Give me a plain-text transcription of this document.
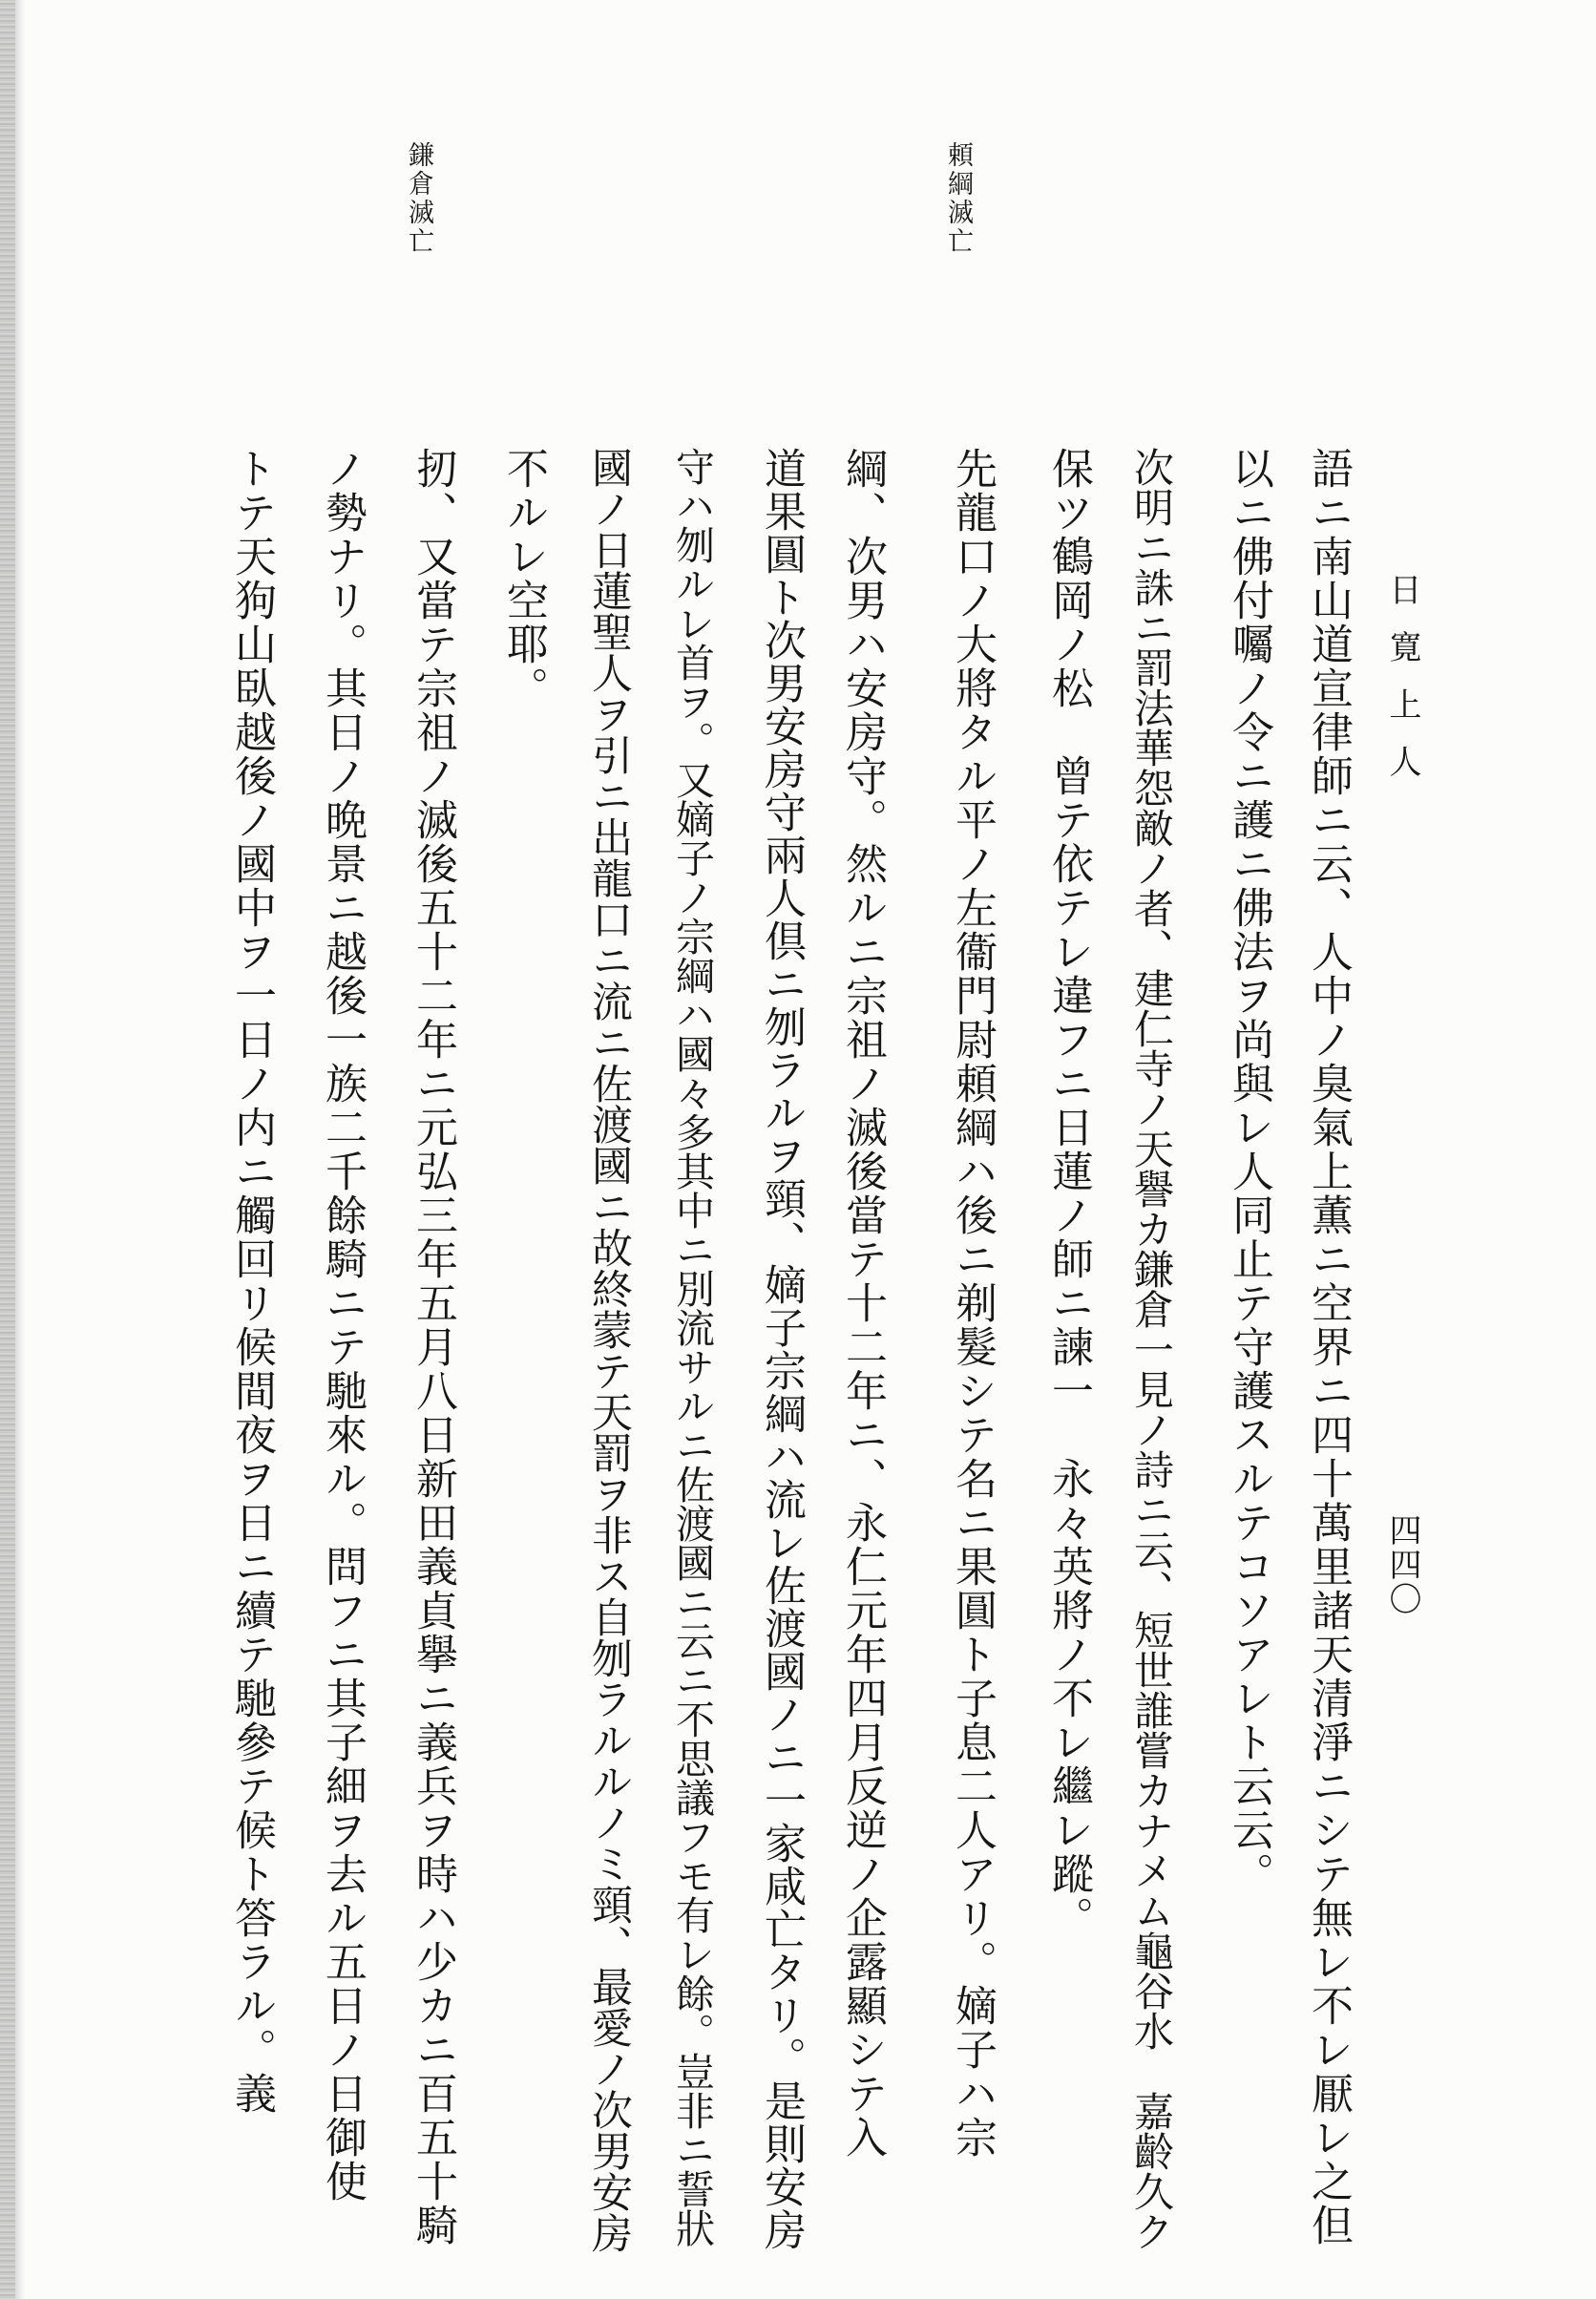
日寛上人
四四〇
頼綱滅亡
鎌倉滅亡
語ニ南山道宣律師ニ云、人中ノ臭氣上薫ニ空界ニ四十萬里諸天清淨ニシテ無レ不レ厭レ之但
以ニ佛付囑ノ令ニ護ニ佛法ヲ尚與レ人同止テ守護スルテコソアレト云云。
次明ニ誅ニ罰法華怨敵ノ者、建仁寺ノ天譽カ鎌倉一見ノ詩ニ云、短世誰嘗カナメム龜谷水　嘉齡久ク
保ツ鶴岡ノ松　曾テ依テレ違フニ日蓮ノ師ニ諫一　永々英將ノ不レ繼レ蹤。
先龍口ノ大將タル平ノ左衞門尉頼綱ハ後ニ剃髮シテ名ニ果圓ト子息二人アリ。嫡子ハ宗
綱、次男ハ安房守。然ルニ宗祖ノ滅後當テ十二年ニ、永仁元年四月反逆ノ企露顯シテ入
道果圓ト次男安房守兩人倶ニ刎ラルヲ頸、嫡子宗綱ハ流レ佐渡國ノニ一家咸亡タリ。是則安房
守ハ刎ルレ首ヲ。又嫡子ノ宗綱ハ國々多其中ニ別流サルニ佐渡國ニ云ニ不思議フモ有レ餘。豈非ニ誓狀
國ノ日蓮聖人ヲ引ニ出龍口ニ流ニ佐渡國ニ故終蒙テ天罰ヲ非ス自刎ラルルノミ頸、最愛ノ次男安房
不ルレ空耶。
扨、又當テ宗祖ノ滅後五十二年ニ元弘三年五月八日新田義貞擧ニ義兵ヲ時ハ少カニ百五十騎
ノ勢ナリ。其日ノ晩景ニ越後一族二千餘騎ニテ馳來ル。問フニ其子細ヲ去ル五日ノ日御使
トテ天狗山臥越後ノ國中ヲ一日ノ内ニ觸回リ候間夜ヲ日ニ續テ馳參テ候ト答ラル。義
